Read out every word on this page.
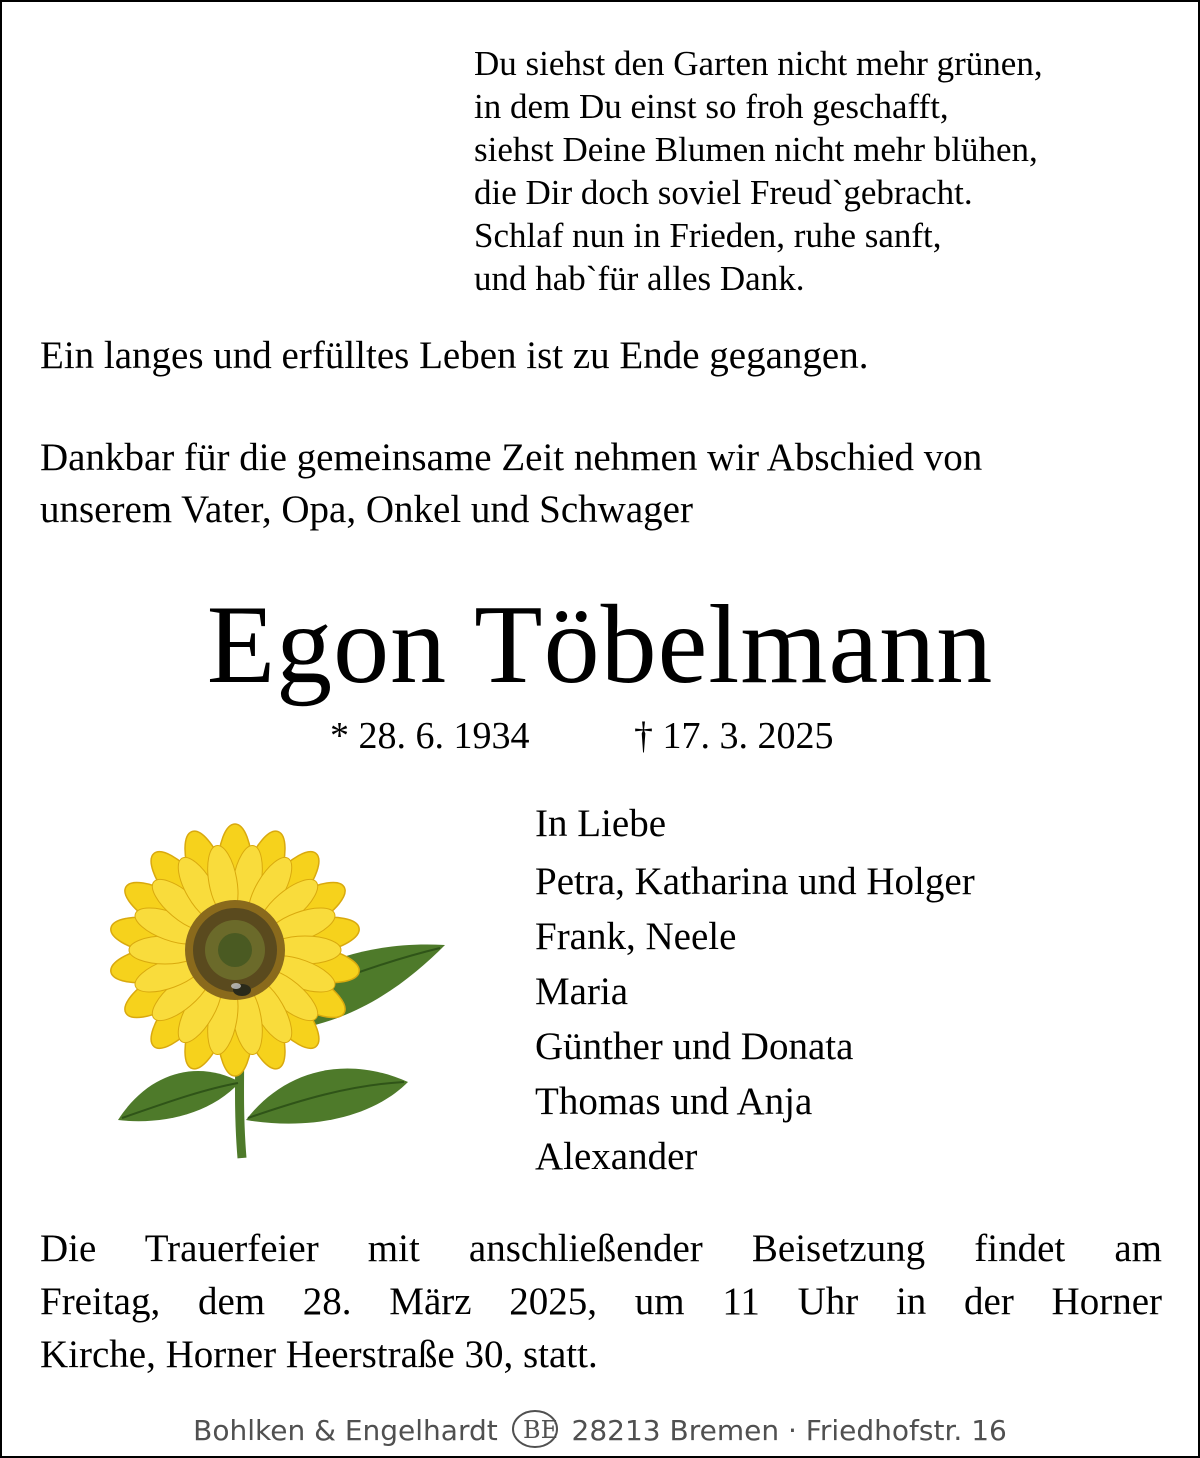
Du siehst den Garten nicht mehr grünen,
in dem Du einst so froh geschafft,
siehst Deine Blumen nicht mehr blühen,
die Dir doch soviel Freud`gebracht.
Schlaf nun in Frieden, ruhe sanft,
und hab`für alles Dank.
Ein langes und erfülltes Leben ist zu Ende gegangen.
Dankbar für die gemeinsame Zeit nehmen wir Abschied von
unserem Vater, Opa, Onkel und Schwager
Egon Töbelmann
* 28. 6. 1934	† 17. 3. 2025
In Liebe
Petra, Katharina und Holger
Frank, Neele
Maria
Günther und Donata
Thomas und Anja
Alexander
Die Trauerfeier mit anschließender Beisetzung findet am
Freitag, dem 28. März 2025, um 11 Uhr in der Horner
Kirche, Horner Heerstraße 30, statt.
Bohlken & Engelhardt BE 28213 Bremen · Friedhofstr. 16
